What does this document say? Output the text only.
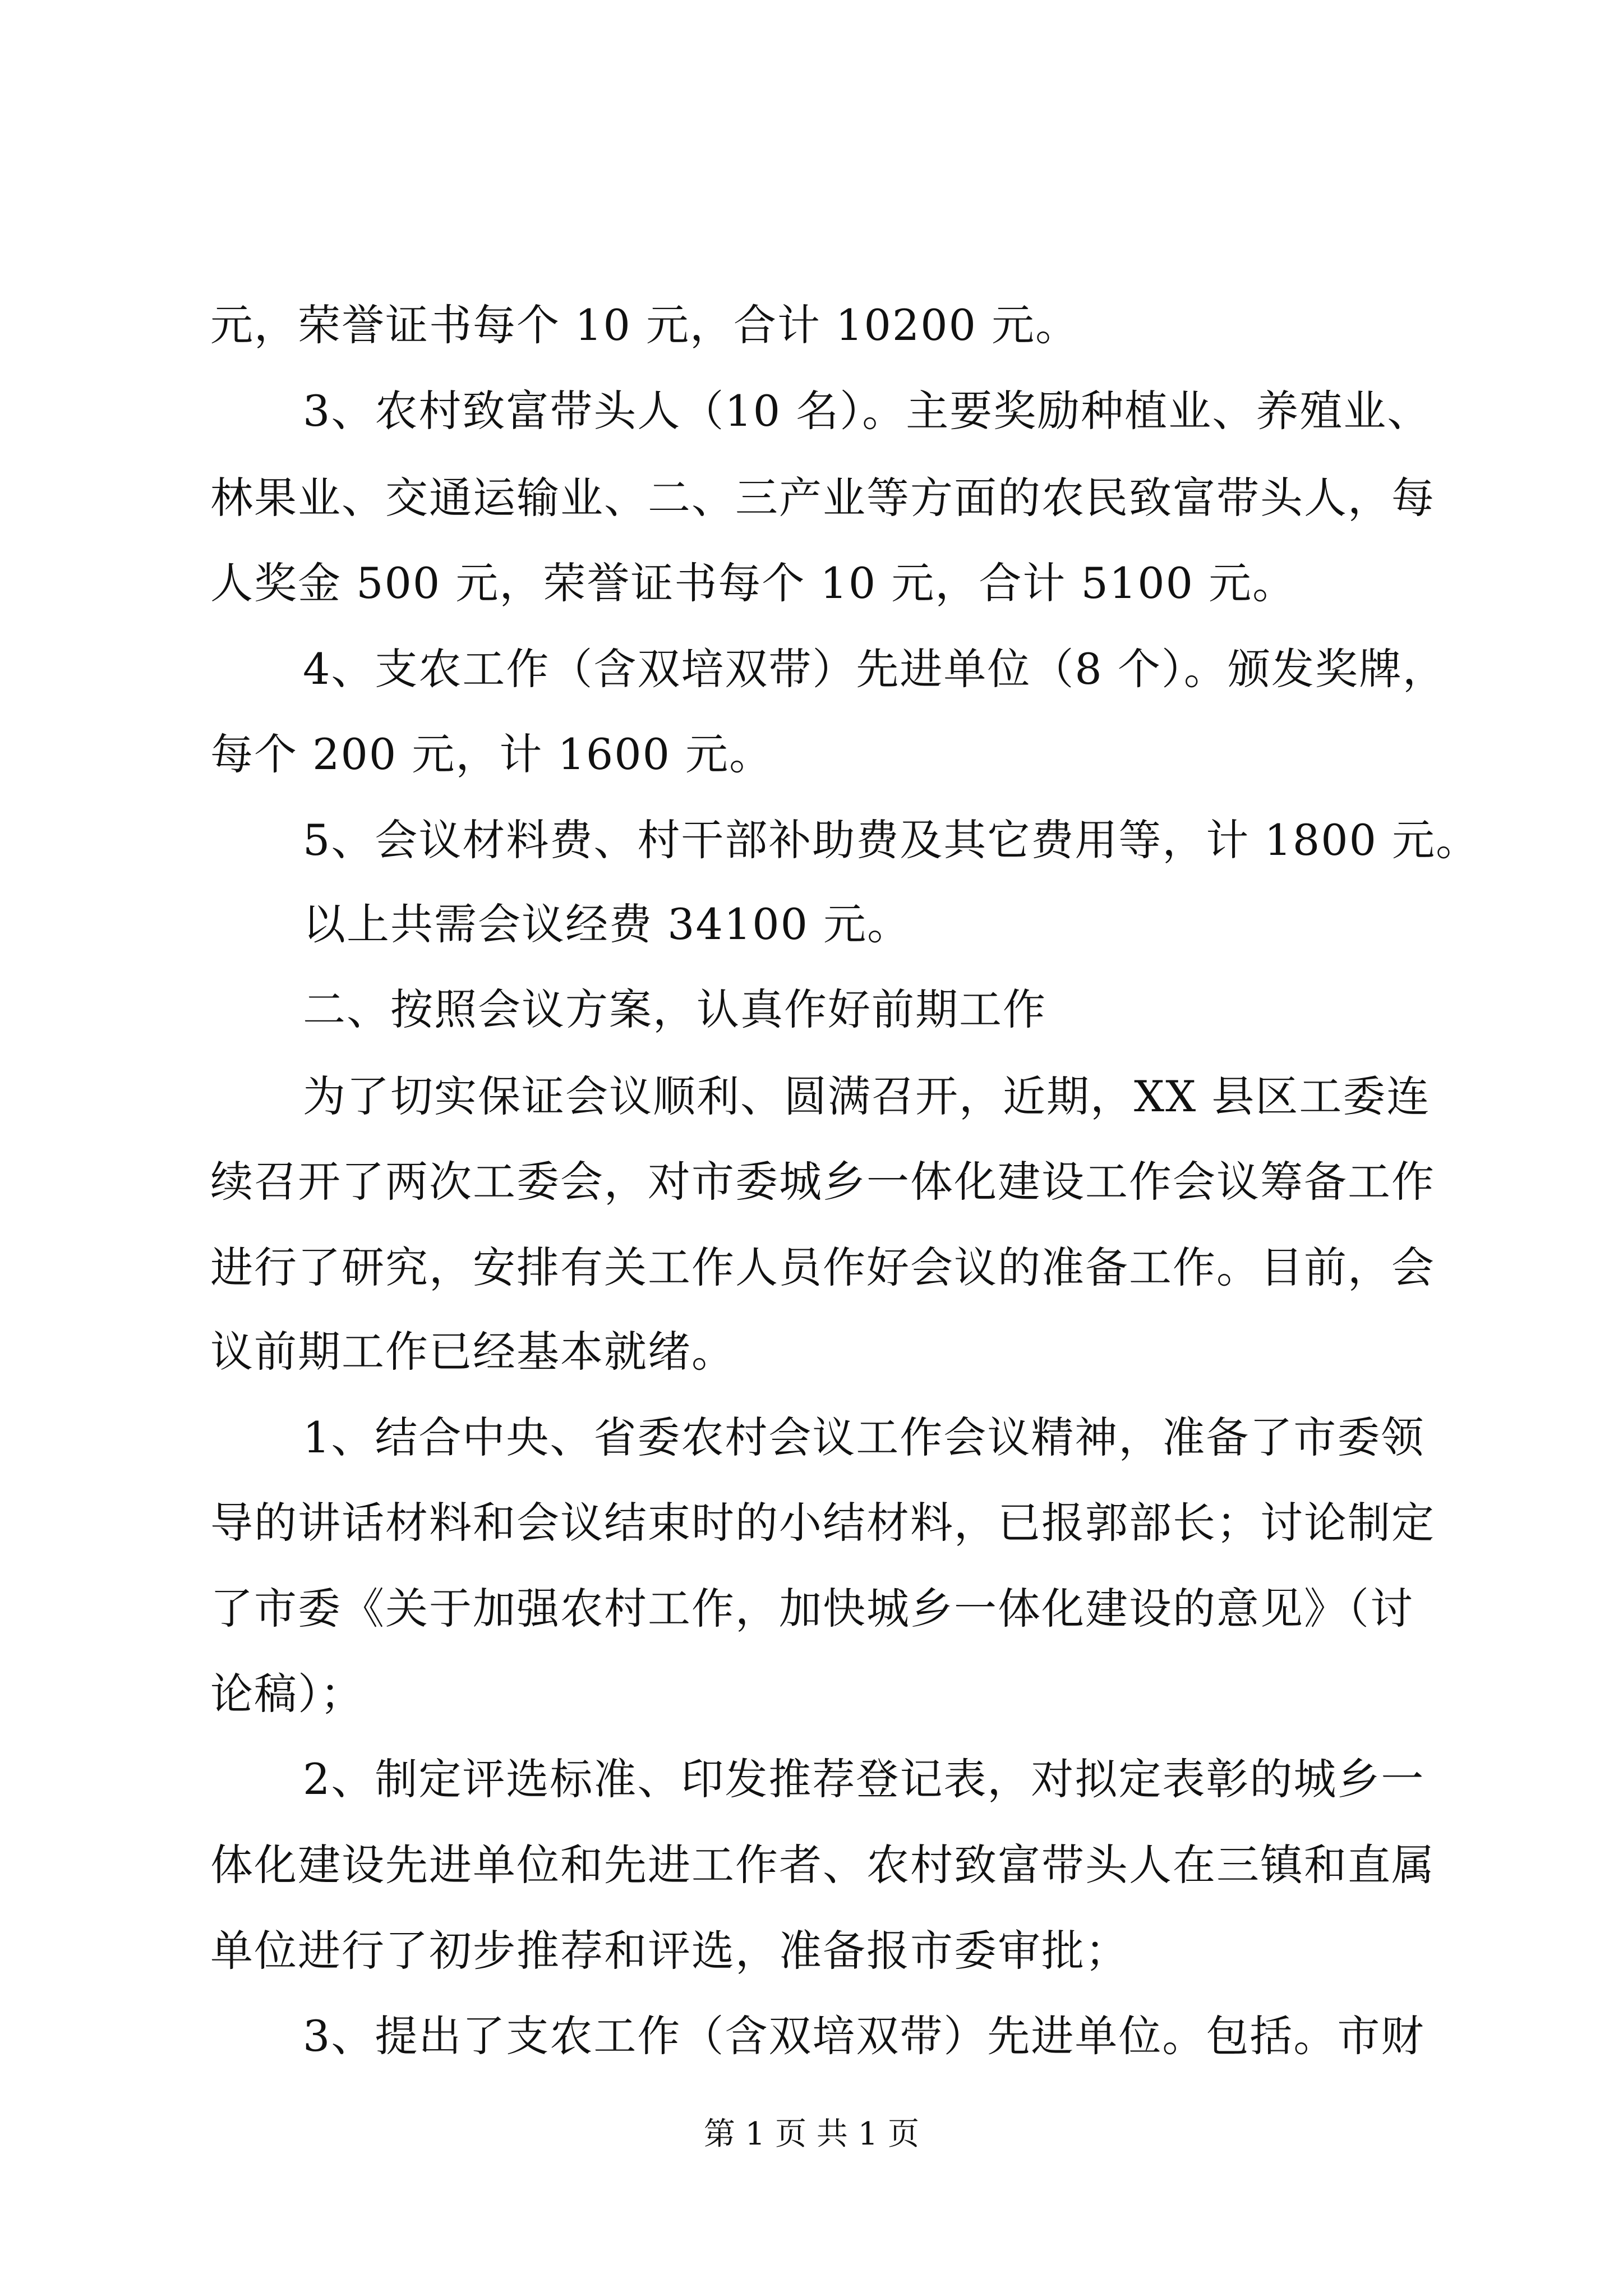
元，荣誉证书每个 10 元，合计 10200 元。
3、农村致富带头人（10 名）。主要奖励种植业、养殖业、
林果业、交通运输业、二、三产业等方面的农民致富带头人，每
人奖金 500 元，荣誉证书每个 10 元，合计 5100 元。
4、支农工作（含双培双带）先进单位（8 个）。颁发奖牌，
每个 200 元，计 1600 元。
5、会议材料费、村干部补助费及其它费用等，计 1800 元。
以上共需会议经费 34100 元。
二、按照会议方案，认真作好前期工作
为了切实保证会议顺利、圆满召开，近期，XX 县区工委连
续召开了两次工委会，对市委城乡一体化建设工作会议筹备工作
进行了研究，安排有关工作人员作好会议的准备工作。目前，会
议前期工作已经基本就绪。
1、结合中央、省委农村会议工作会议精神，准备了市委领
导的讲话材料和会议结束时的小结材料，已报郭部长；讨论制定
了市委《关于加强农村工作，加快城乡一体化建设的意见》（讨
论稿）；
2、制定评选标准、印发推荐登记表，对拟定表彰的城乡一
体化建设先进单位和先进工作者、农村致富带头人在三镇和直属
单位进行了初步推荐和评选，准备报市委审批；
3、提出了支农工作（含双培双带）先进单位。包括。市财
第 1 页 共 1 页
